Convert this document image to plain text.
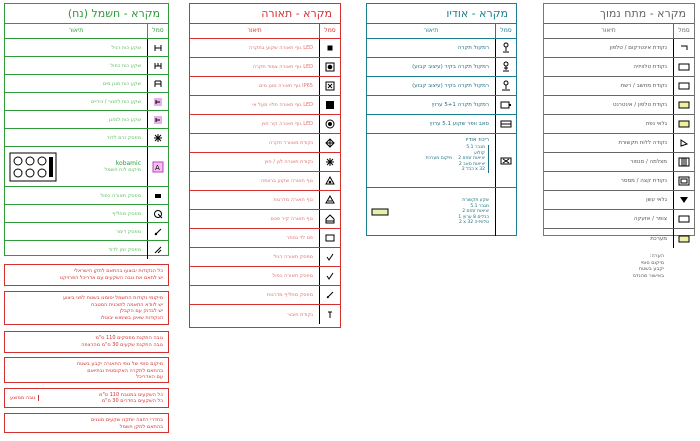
מקרא - חשמל (נח)
תיאור	סמל
שקע כוח רגיל
שקע כוח כפול
שקע כוח מוגן מים
שקע כוח לתנור / כיריים
שקע כוח למזגן
מפסק זרם לדוד
kobamic
מיקום לוח חשמל A
מפסק תאורה כפול
מפסק מחליף
מפסק דימר
מפסק זמן לדוד
כל הנקודות יבוצעו בהתאם לתקן הישראלי
יש לתאם את גובה השקעים עם אדריכל הפרויקט
מיקומי נקודות החשמל יסומנו בשטח לפני ביצוע
יש לוודא התאמה לתוכנית המטבח
יש לבדוק עם הקבלן
הנקודות שאינן בשימוש יבוטלו
גובה התקנת מפסקים 110 ס"מ
גובה התקנת שקעים 30 ס"מ מהרצפה
מיקום סופי של גופי התאורה יקבע בשטח
בהתאם לתקרה האקוסטית ובתיאום
עם האדריכל
כל השקעים במטבח 110 ס"מ
כל השקעים בחדרים 30 ס"מ
גובה ממוצע
בחדרי רחצה יותקנו שקעים מוגנים
בהתאם לתקן חשמל
מקרא - תאורה
תיאור	סמל
גוף תאורה שקוע בתקרה LED
גוף תאורה צמוד תקרה LED
גוף תאורה מוגן מים IP65
גוף תאורה תלוי מעל אי LED
גוף תאורה קיר חוץ LED
נקודת מאוורר תקרה
נקודת תאורה לגן / חוץ
גוף תאורה שקוע ברצפה
גוף תאורה מדרגות
גוף תאורה קיר פנים
פס לד נסתר
מפסק תאורה רגיל
מפסק תאורה כפול
מפסק מחליף מדרגות
נקודת חיבור
מקרא - אודיו
תיאור	סמל
רמקול תקרה
רמקול תקרה בקיר (עיצוב קבוע)
רמקול תקרה בקיר (עיצוב קבוע)
רמקול תקרה 5+1 ערוץ
סאב וופר שקוע 5.1 ערוץ
ריכוז אודיו
מיקום מערכת
מגבר 5.1
קולוע
2 יציאות זמזם
2 יציאות סאב
כבל 2 x 32
שקע תקשורת
מגבר 5.1
2 יציאות זמזם
1 כבלים 8 ערוץ
2 x 32 טלוויזיה
מקרא - מתח נמוך
תיאור	סמל
נקודת אינטרקום / טלפון
נקודת טלוויזיה
נקודת מחשב / רשת
נקודת טלפון / אינטרנט
גלאי נפח
נקודה ללוח תקשורת
מצלמה / סנסור
נקודת קצה / ממסר
גלאי עשן
צופר / אזעקה
מערכת
הערה:
מיקום סופי
יקבע בשטח
באישור מהנדס
